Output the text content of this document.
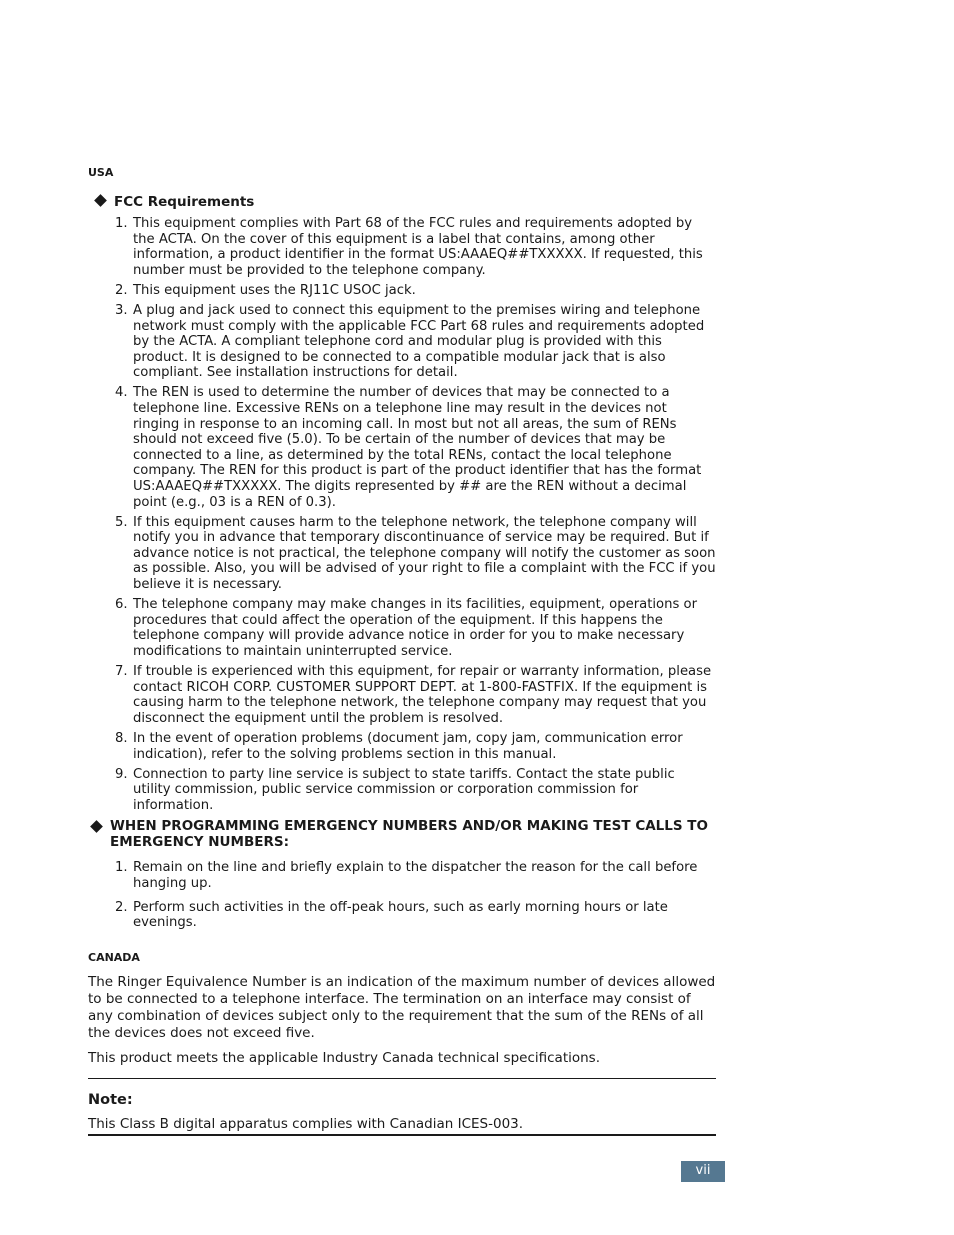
USA
FCC Requirements
1. This equipment complies with Part 68 of the FCC rules and requirements adopted by the ACTA. On the cover of this equipment is a label that contains, among other information, a product identifier in the format US:AAAEQ##TXXXXX. If requested, this number must be provided to the telephone company.
2. This equipment uses the RJ11C USOC jack.
3. A plug and jack used to connect this equipment to the premises wiring and telephone network must comply with the applicable FCC Part 68 rules and requirements adopted by the ACTA. A compliant telephone cord and modular plug is provided with this product. It is designed to be connected to a compatible modular jack that is also compliant. See installation instructions for detail.
4. The REN is used to determine the number of devices that may be connected to a telephone line. Excessive RENs on a telephone line may result in the devices not ringing in response to an incoming call. In most but not all areas, the sum of RENs should not exceed five (5.0). To be certain of the number of devices that may be connected to a line, as determined by the total RENs, contact the local telephone company. The REN for this product is part of the product identifier that has the format US:AAAEQ##TXXXXX. The digits represented by ## are the REN without a decimal point (e.g., 03 is a REN of 0.3).
5. If this equipment causes harm to the telephone network, the telephone company will notify you in advance that temporary discontinuance of service may be required. But if advance notice is not practical, the telephone company will notify the customer as soon as possible. Also, you will be advised of your right to file a complaint with the FCC if you believe it is necessary.
6. The telephone company may make changes in its facilities, equipment, operations or procedures that could affect the operation of the equipment. If this happens the telephone company will provide advance notice in order for you to make necessary modifications to maintain uninterrupted service.
7. If trouble is experienced with this equipment, for repair or warranty information, please contact RICOH CORP. CUSTOMER SUPPORT DEPT. at 1-800-FASTFIX. If the equipment is causing harm to the telephone network, the telephone company may request that you disconnect the equipment until the problem is resolved.
8. In the event of operation problems (document jam, copy jam, communication error indication), refer to the solving problems section in this manual.
9. Connection to party line service is subject to state tariffs. Contact the state public utility commission, public service commission or corporation commission for information.
WHEN PROGRAMMING EMERGENCY NUMBERS AND/OR MAKING TEST CALLS TO EMERGENCY NUMBERS:
1. Remain on the line and briefly explain to the dispatcher the reason for the call before hanging up.
2. Perform such activities in the off-peak hours, such as early morning hours or late evenings.
CANADA
The Ringer Equivalence Number is an indication of the maximum number of devices allowed to be connected to a telephone interface. The termination on an interface may consist of any combination of devices subject only to the requirement that the sum of the RENs of all the devices does not exceed five.
This product meets the applicable Industry Canada technical specifications.
Note:
This Class B digital apparatus complies with Canadian ICES-003.
vii
